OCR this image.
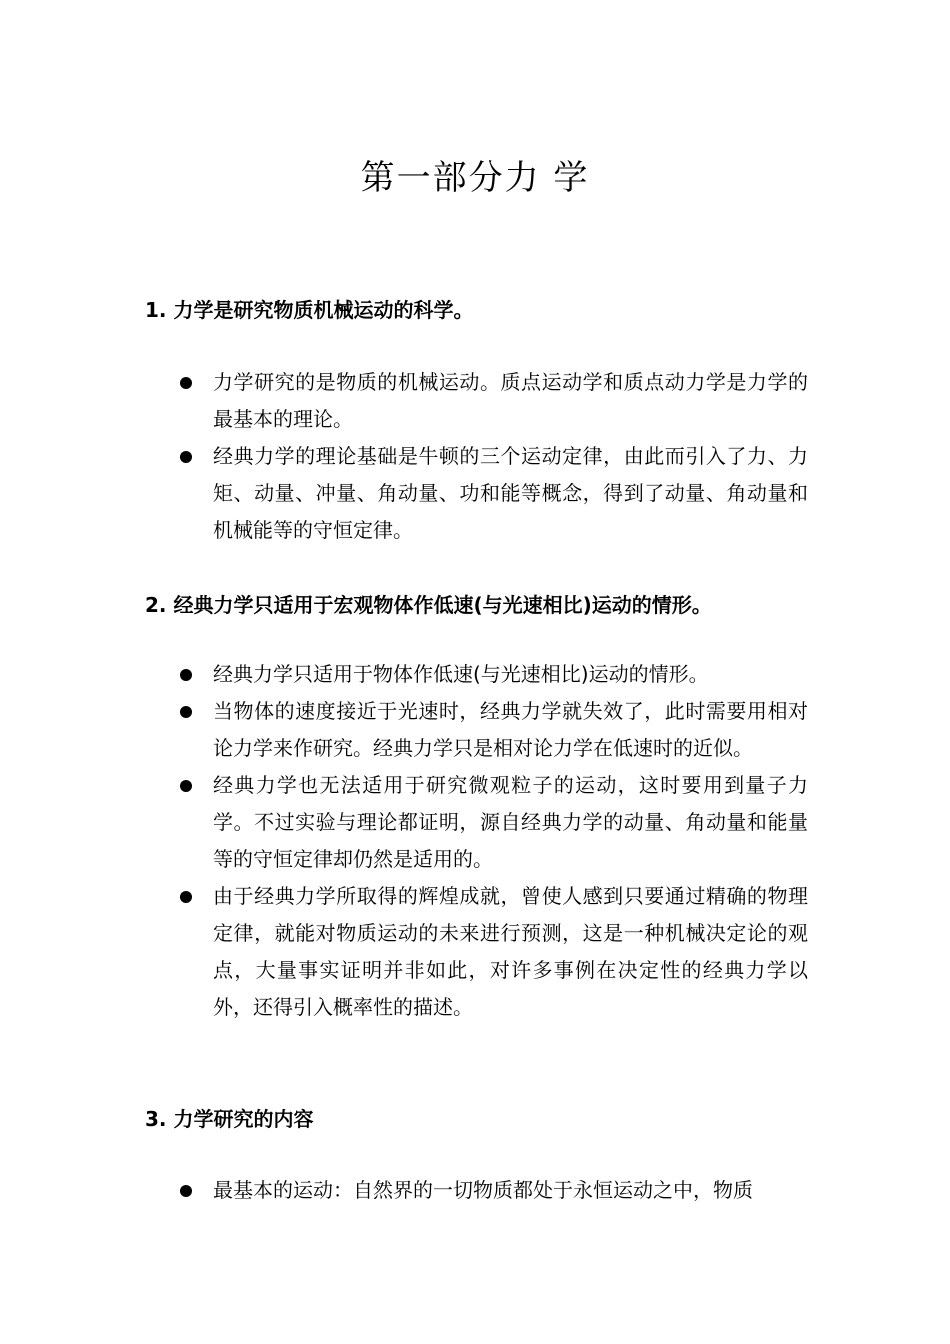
第一部分力 学
1. 力学是研究物质机械运动的科学。
力学研究的是物质的机械运动。质点运动学和质点动力学是力学的最基本的理论。
经典力学的理论基础是牛顿的三个运动定律，由此而引入了力、力矩、动量、冲量、角动量、功和能等概念，得到了动量、角动量和机械能等的守恒定律。
2. 经典力学只适用于宏观物体作低速(与光速相比)运动的情形。
经典力学只适用于物体作低速(与光速相比)运动的情形。
当物体的速度接近于光速时，经典力学就失效了，此时需要用相对论力学来作研究。经典力学只是相对论力学在低速时的近似。
经典力学也无法适用于研究微观粒子的运动，这时要用到量子力学。不过实验与理论都证明，源自经典力学的动量、角动量和能量等的守恒定律却仍然是适用的。
由于经典力学所取得的辉煌成就，曾使人感到只要通过精确的物理定律，就能对物质运动的未来进行预测，这是一种机械决定论的观点，大量事实证明并非如此，对许多事例在决定性的经典力学以外，还得引入概率性的描述。
3. 力学研究的内容
最基本的运动：自然界的一切物质都处于永恒运动之中，物质
